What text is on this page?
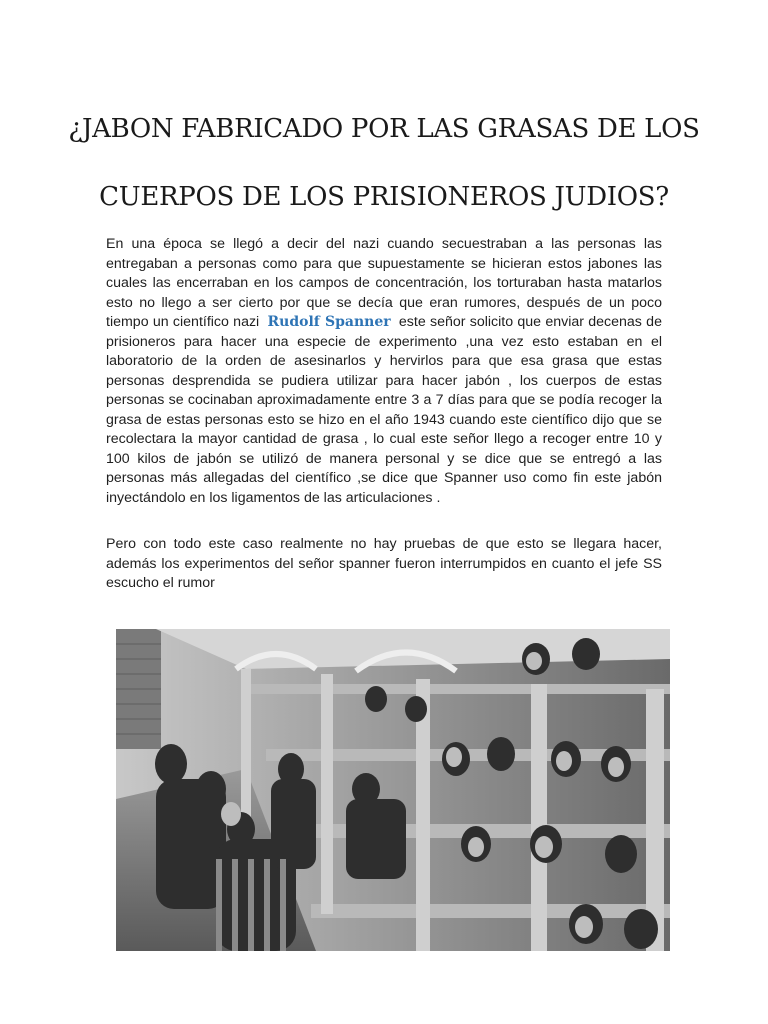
¿JABON FABRICADO POR LAS GRASAS DE LOS
CUERPOS DE LOS PRISIONEROS JUDIOS?

En una época se llegó a decir del nazi cuando secuestraban a las personas las entregaban a personas como para que supuestamente se hicieran estos jabones las cuales las encerraban en los campos de concentración, los torturaban hasta matarlos esto no llego a ser cierto por que se decía que eran rumores, después de un poco tiempo un científico nazi Rudolf Spanner este señor solicito que enviar decenas de prisioneros para hacer una especie de experimento ,una vez esto estaban en el laboratorio de la orden de asesinarlos y hervirlos para que esa grasa que estas personas desprendida se pudiera utilizar para hacer jabón , los cuerpos de estas personas se cocinaban aproximadamente entre 3 a 7 días para que se podía recoger la grasa de estas personas esto se hizo en el año 1943 cuando este científico dijo que se recolectara la mayor cantidad de grasa , lo cual este señor llego a recoger entre 10 y 100 kilos de jabón se utilizó de manera personal y se dice que se entregó a las personas más allegadas del científico ,se dice que Spanner uso como fin este jabón inyectándolo en los ligamentos de las articulaciones .

Pero con todo este caso realmente no hay pruebas de que esto se llegara hacer, además los experimentos del señor spanner fueron interrumpidos en cuanto el jefe SS escucho el rumor
